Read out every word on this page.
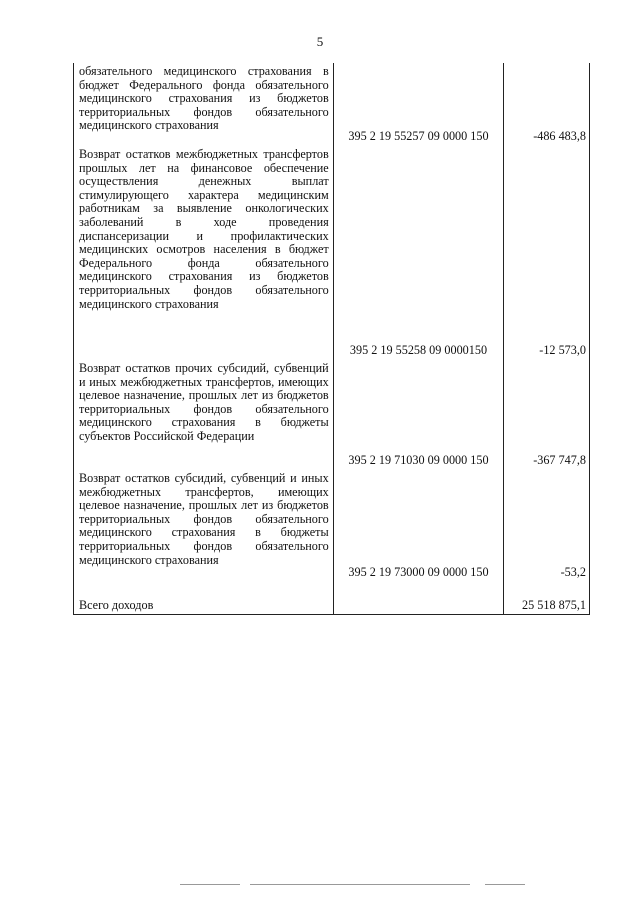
5
обязательного медицинского страхования в бюджет Федерального фонда обязательного медицинского страхования из бюджетов территориальных фондов обязательного медицинского страхования	395 2 19 55257 09 0000 150	-486 483,8

Возврат остатков межбюджетных трансфертов прошлых лет на финансовое обеспечение осуществления денежных выплат стимулирующего характера медицинским работникам за выявление онкологических заболеваний в ходе проведения диспансеризации и профилактических медицинских осмотров населения в бюджет Федерального фонда обязательного медицинского страхования из бюджетов территориальных фондов обязательного медицинского страхования	395 2 19 55258 09 0000150	-12 573,0

Возврат остатков прочих субсидий, субвенций и иных межбюджетных трансфертов, имеющих целевое назначение, прошлых лет из бюджетов территориальных фондов обязательного медицинского страхования в бюджеты субъектов Российской Федерации	395 2 19 71030 09 0000 150	-367 747,8

Возврат остатков субсидий, субвенций и иных межбюджетных трансфертов, имеющих целевое назначение, прошлых лет из бюджетов территориальных фондов обязательного медицинского страхования в бюджеты территориальных фондов обязательного медицинского страхования	395 2 19 73000 09 0000 150	-53,2
Всего доходов		25 518 875,1
